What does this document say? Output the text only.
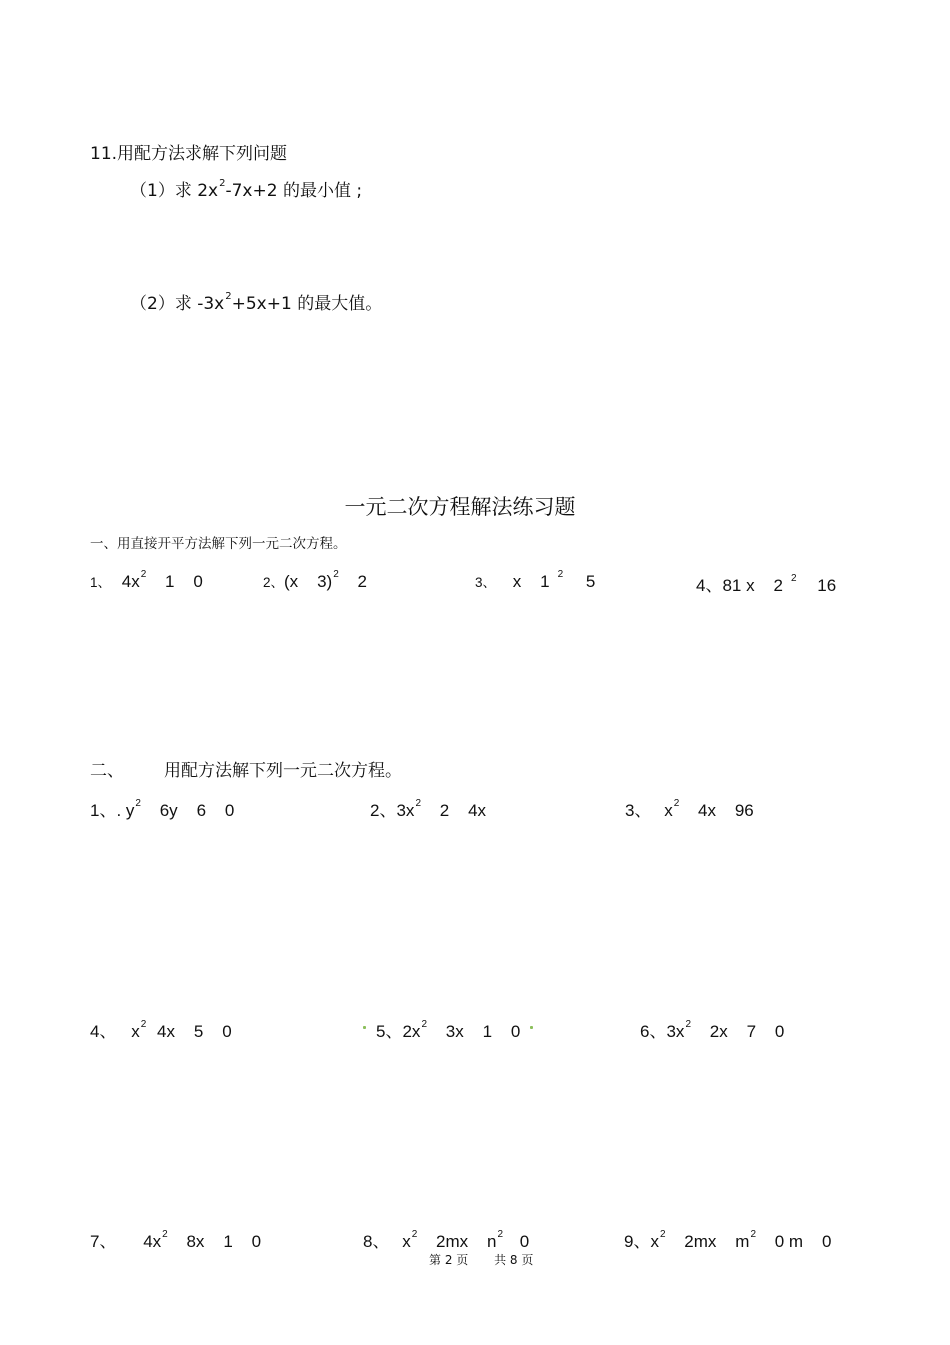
11.用配方法求解下列问题
（1）求 $2x^2-7x+2$ 的最小值 ;
（2）求 $-3x^2+5x+1$ 的最大值。
一元二次方程解法练习题
一、用直接开平方法解下列一元二次方程。
1、 $4x^2$ 1    0	2、(x    3)$^2$ 2	3、 x    1 $^2$ 5	4、81 x    2 $^2$ 16
二、 用配方法解下列一元二次方程。
1、. $y^2$ 6y    6    0	2、$3x^2$ 2    4x	3、 $x^2$ 4x    96
4、 $x^2$ 4x    5    0	5、$2x^2$ 3x    1    0	6、$3x^2$ 2x    7    0
7、 $4x^2$ 8x    1    0	8、 $x^2$ 2mx    $n^2$ 0	9、$x^2$ 2mx    $m^2$ 0 m    0
第 2 页 共 8 页
